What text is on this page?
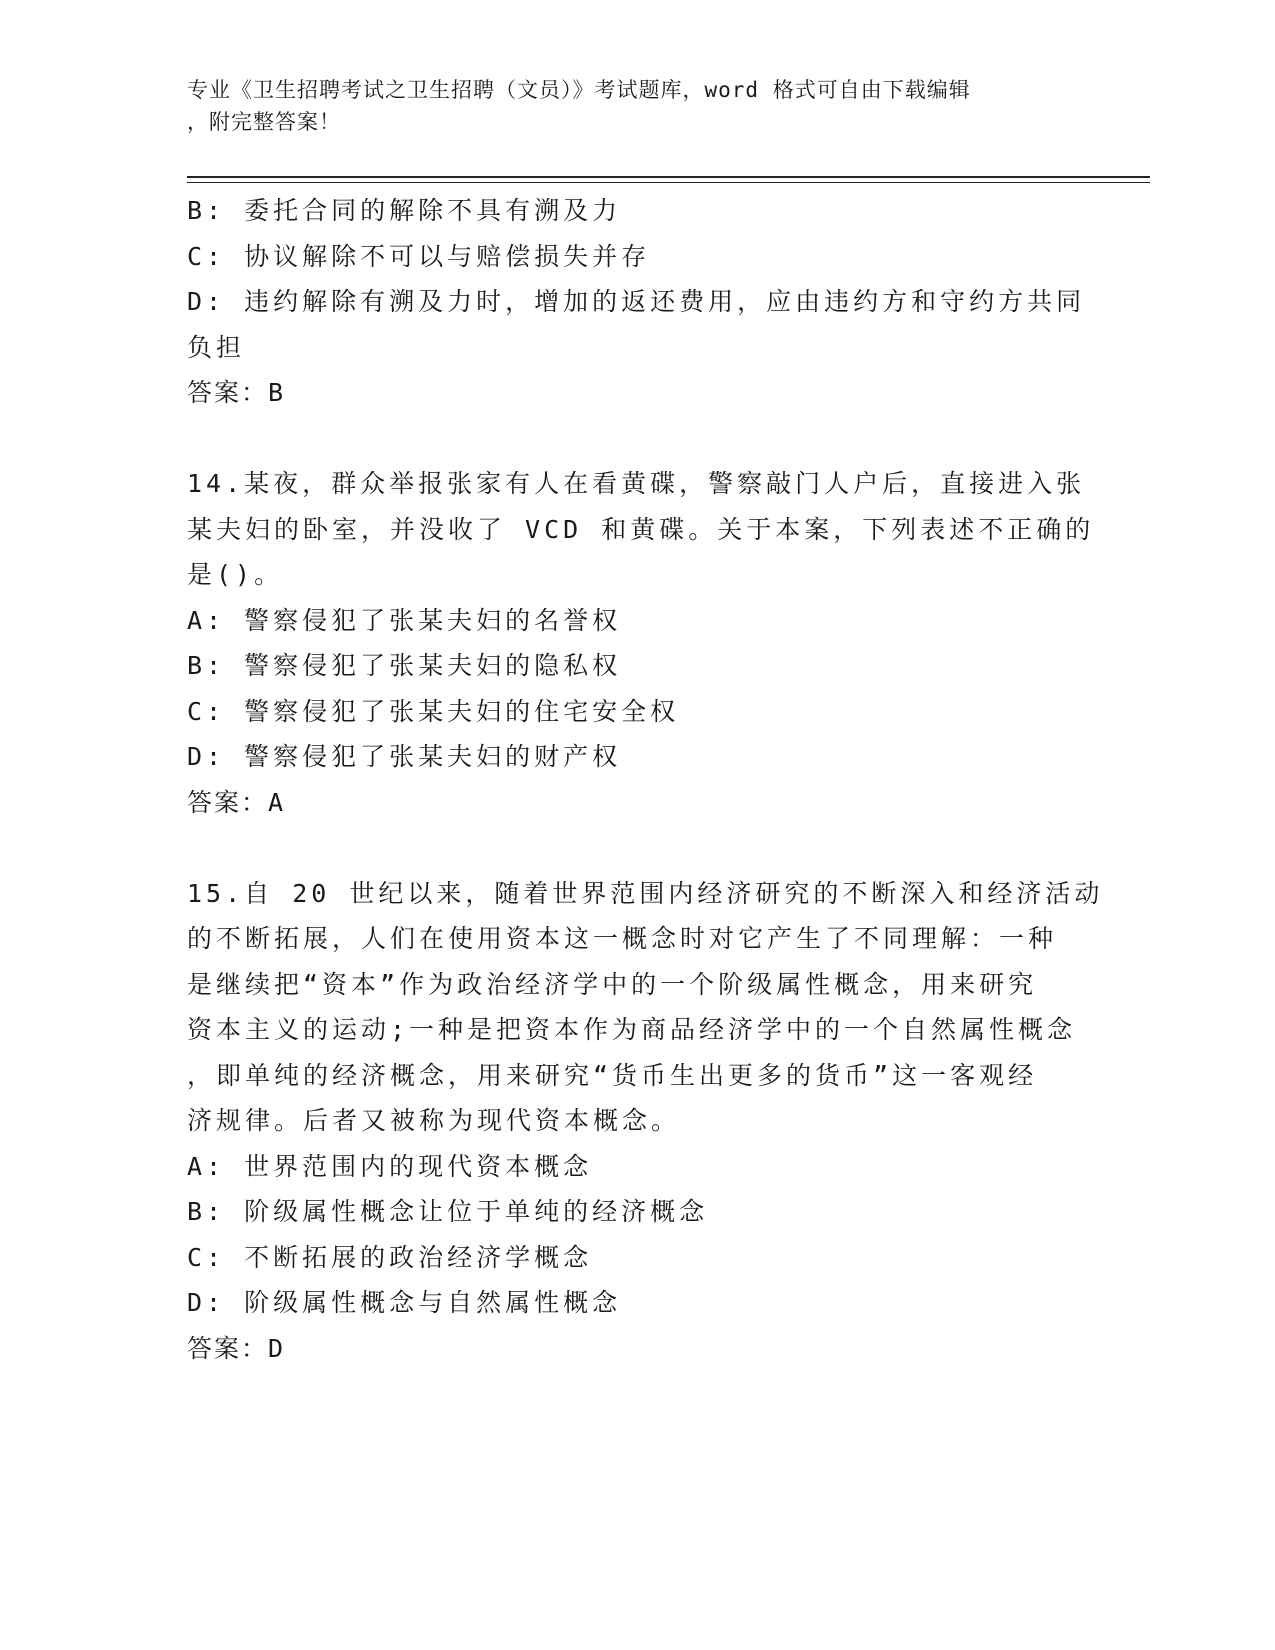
专业《卫生招聘考试之卫生招聘（文员）》考试题库，word 格式可自由下载编辑
，附完整答案！
B: 委托合同的解除不具有溯及力
C: 协议解除不可以与赔偿损失并存
D: 违约解除有溯及力时，增加的返还费用，应由违约方和守约方共同
负担
答案：B
14.某夜，群众举报张家有人在看黄碟，警察敲门人户后，直接进入张
某夫妇的卧室，并没收了 VCD 和黄碟。关于本案，下列表述不正确的
是()。
A: 警察侵犯了张某夫妇的名誉权
B: 警察侵犯了张某夫妇的隐私权
C: 警察侵犯了张某夫妇的住宅安全权
D: 警察侵犯了张某夫妇的财产权
答案：A
15.自 20 世纪以来，随着世界范围内经济研究的不断深入和经济活动
的不断拓展，人们在使用资本这一概念时对它产生了不同理解：一种
是继续把“资本”作为政治经济学中的一个阶级属性概念，用来研究
资本主义的运动;一种是把资本作为商品经济学中的一个自然属性概念
，即单纯的经济概念，用来研究“货币生出更多的货币”这一客观经
济规律。后者又被称为现代资本概念。
A: 世界范围内的现代资本概念
B: 阶级属性概念让位于单纯的经济概念
C: 不断拓展的政治经济学概念
D: 阶级属性概念与自然属性概念
答案：D
